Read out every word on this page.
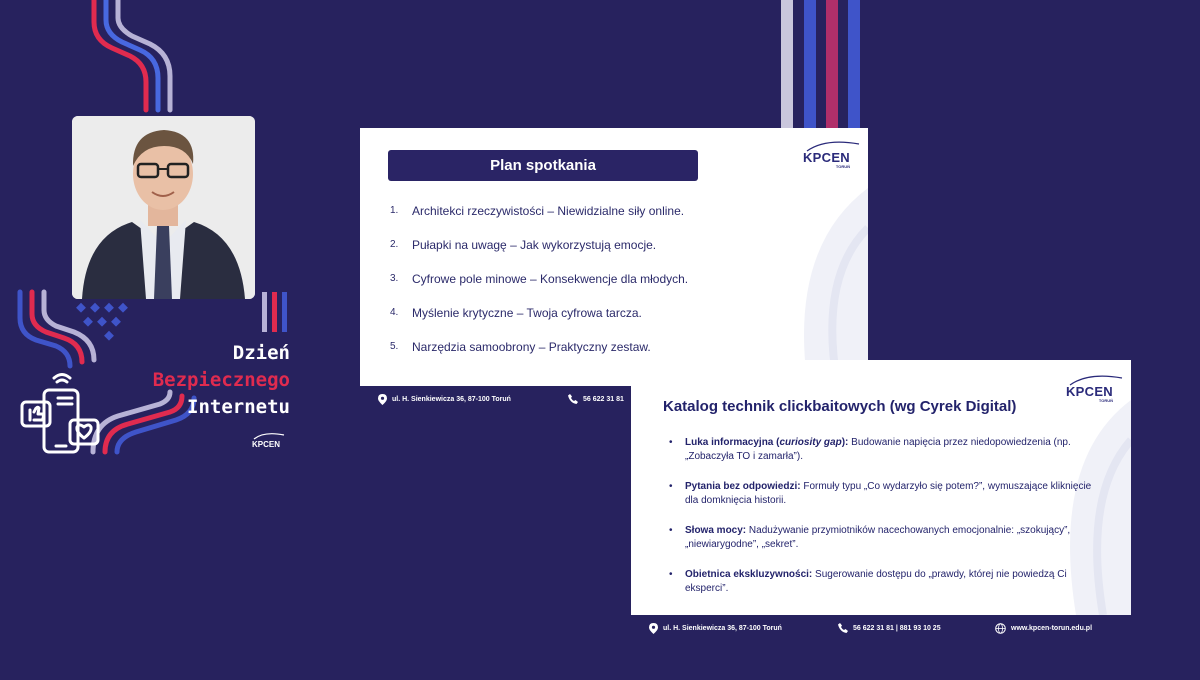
Dzień
Bezpiecznego
Internetu
KPCEN
Plan spotkania	KPCEN
TORUŃ
1.	Architekci rzeczywistości – Niewidzialne siły online.
2.	Pułapki na uwagę – Jak wykorzystują emocje.
3.	Cyfrowe pole minowe – Konsekwencje dla młodych.
4.	Myślenie krytyczne – Twoja cyfrowa tarcza.
5.	Narzędzia samoobrony – Praktyczny zestaw.
ul. H. Sienkiewicza 36, 87-100 Toruń	56 622 31 81	KPCEN
TORUŃ
Katalog technik clickbaitowych (wg Cyrek Digital)
• Luka informacyjna (curiosity gap): Budowanie napięcia przez niedopowiedzenia (np. „Zobaczyła TO i zamarła”).
• Pytania bez odpowiedzi: Formuły typu „Co wydarzyło się potem?”, wymuszające kliknięcie dla domknięcia historii.
• Słowa mocy: Nadużywanie przymiotników nacechowanych emocjonalnie: „szokujący”, „niewiarygodne”, „sekret”.
• Obietnica ekskluzywności: Sugerowanie dostępu do „prawdy, której nie powiedzą Ci eksperci”.
ul. H. Sienkiewicza 36, 87-100 Toruń	56 622 31 81 | 881 93 10 25	www.kpcen-torun.edu.pl
